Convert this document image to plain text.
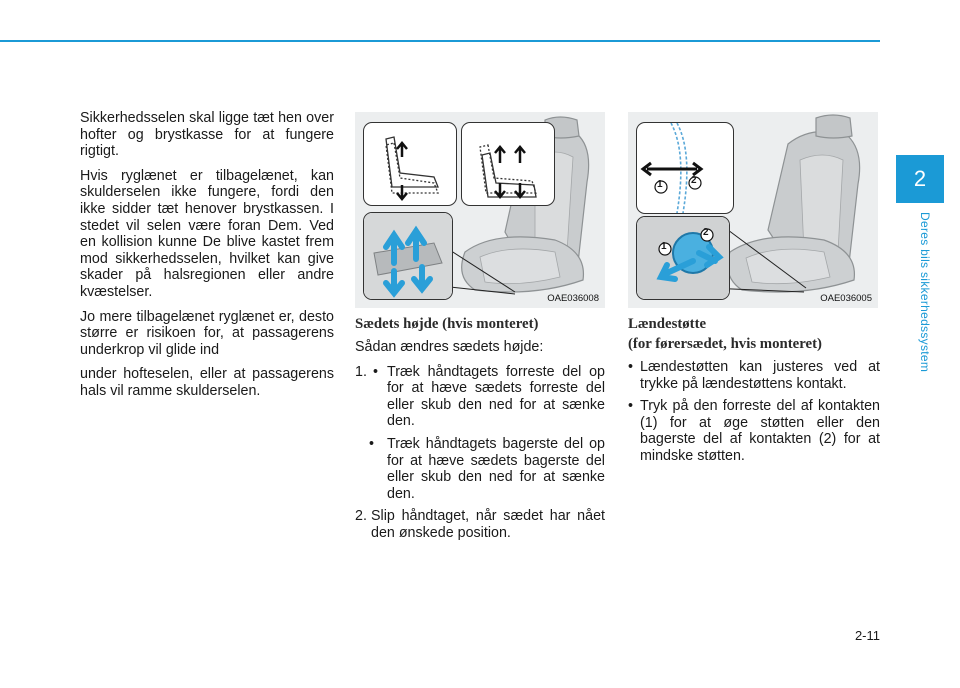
2
Deres bils sikkerhedssystem
2-11

Sikkerhedsselen skal ligge tæt hen over hofter og brystkasse for at fungere rigtigt.

Hvis ryglænet er tilbagelænet, kan skulderselen ikke fungere, fordi den ikke sidder tæt henover brystkassen. I stedet vil selen være foran Dem. Ved en kollision kunne De blive kastet frem mod sikkerhedsselen, hvilket kan give skader på halsregionen eller andre kvæstelser.

Jo mere tilbagelænet ryglænet er, desto større er risikoen for, at passagerens underkrop vil glide ind

under hofteselen, eller at passagerens hals vil ramme skulderselen.

OAE036008
1	2
1
2
OAE036005

Sædets højde (hvis monteret)

Sådan ændres sædets højde:

1. • Træk håndtagets forreste del op for at hæve sædets forreste del eller skub den ned for at sænke den.
• Træk håndtagets bagerste del op for at hæve sædets bagerste del eller skub den ned for at sænke den.
2. Slip håndtaget, når sædet har nået den ønskede position.

Lændestøtte

(for førersædet, hvis monteret)

• Lændestøtten kan justeres ved at trykke på lændestøttens kontakt.
• Tryk på den forreste del af kontakten (1) for at øge støtten eller den bagerste del af kontakten (2) for at mindske støtten.
